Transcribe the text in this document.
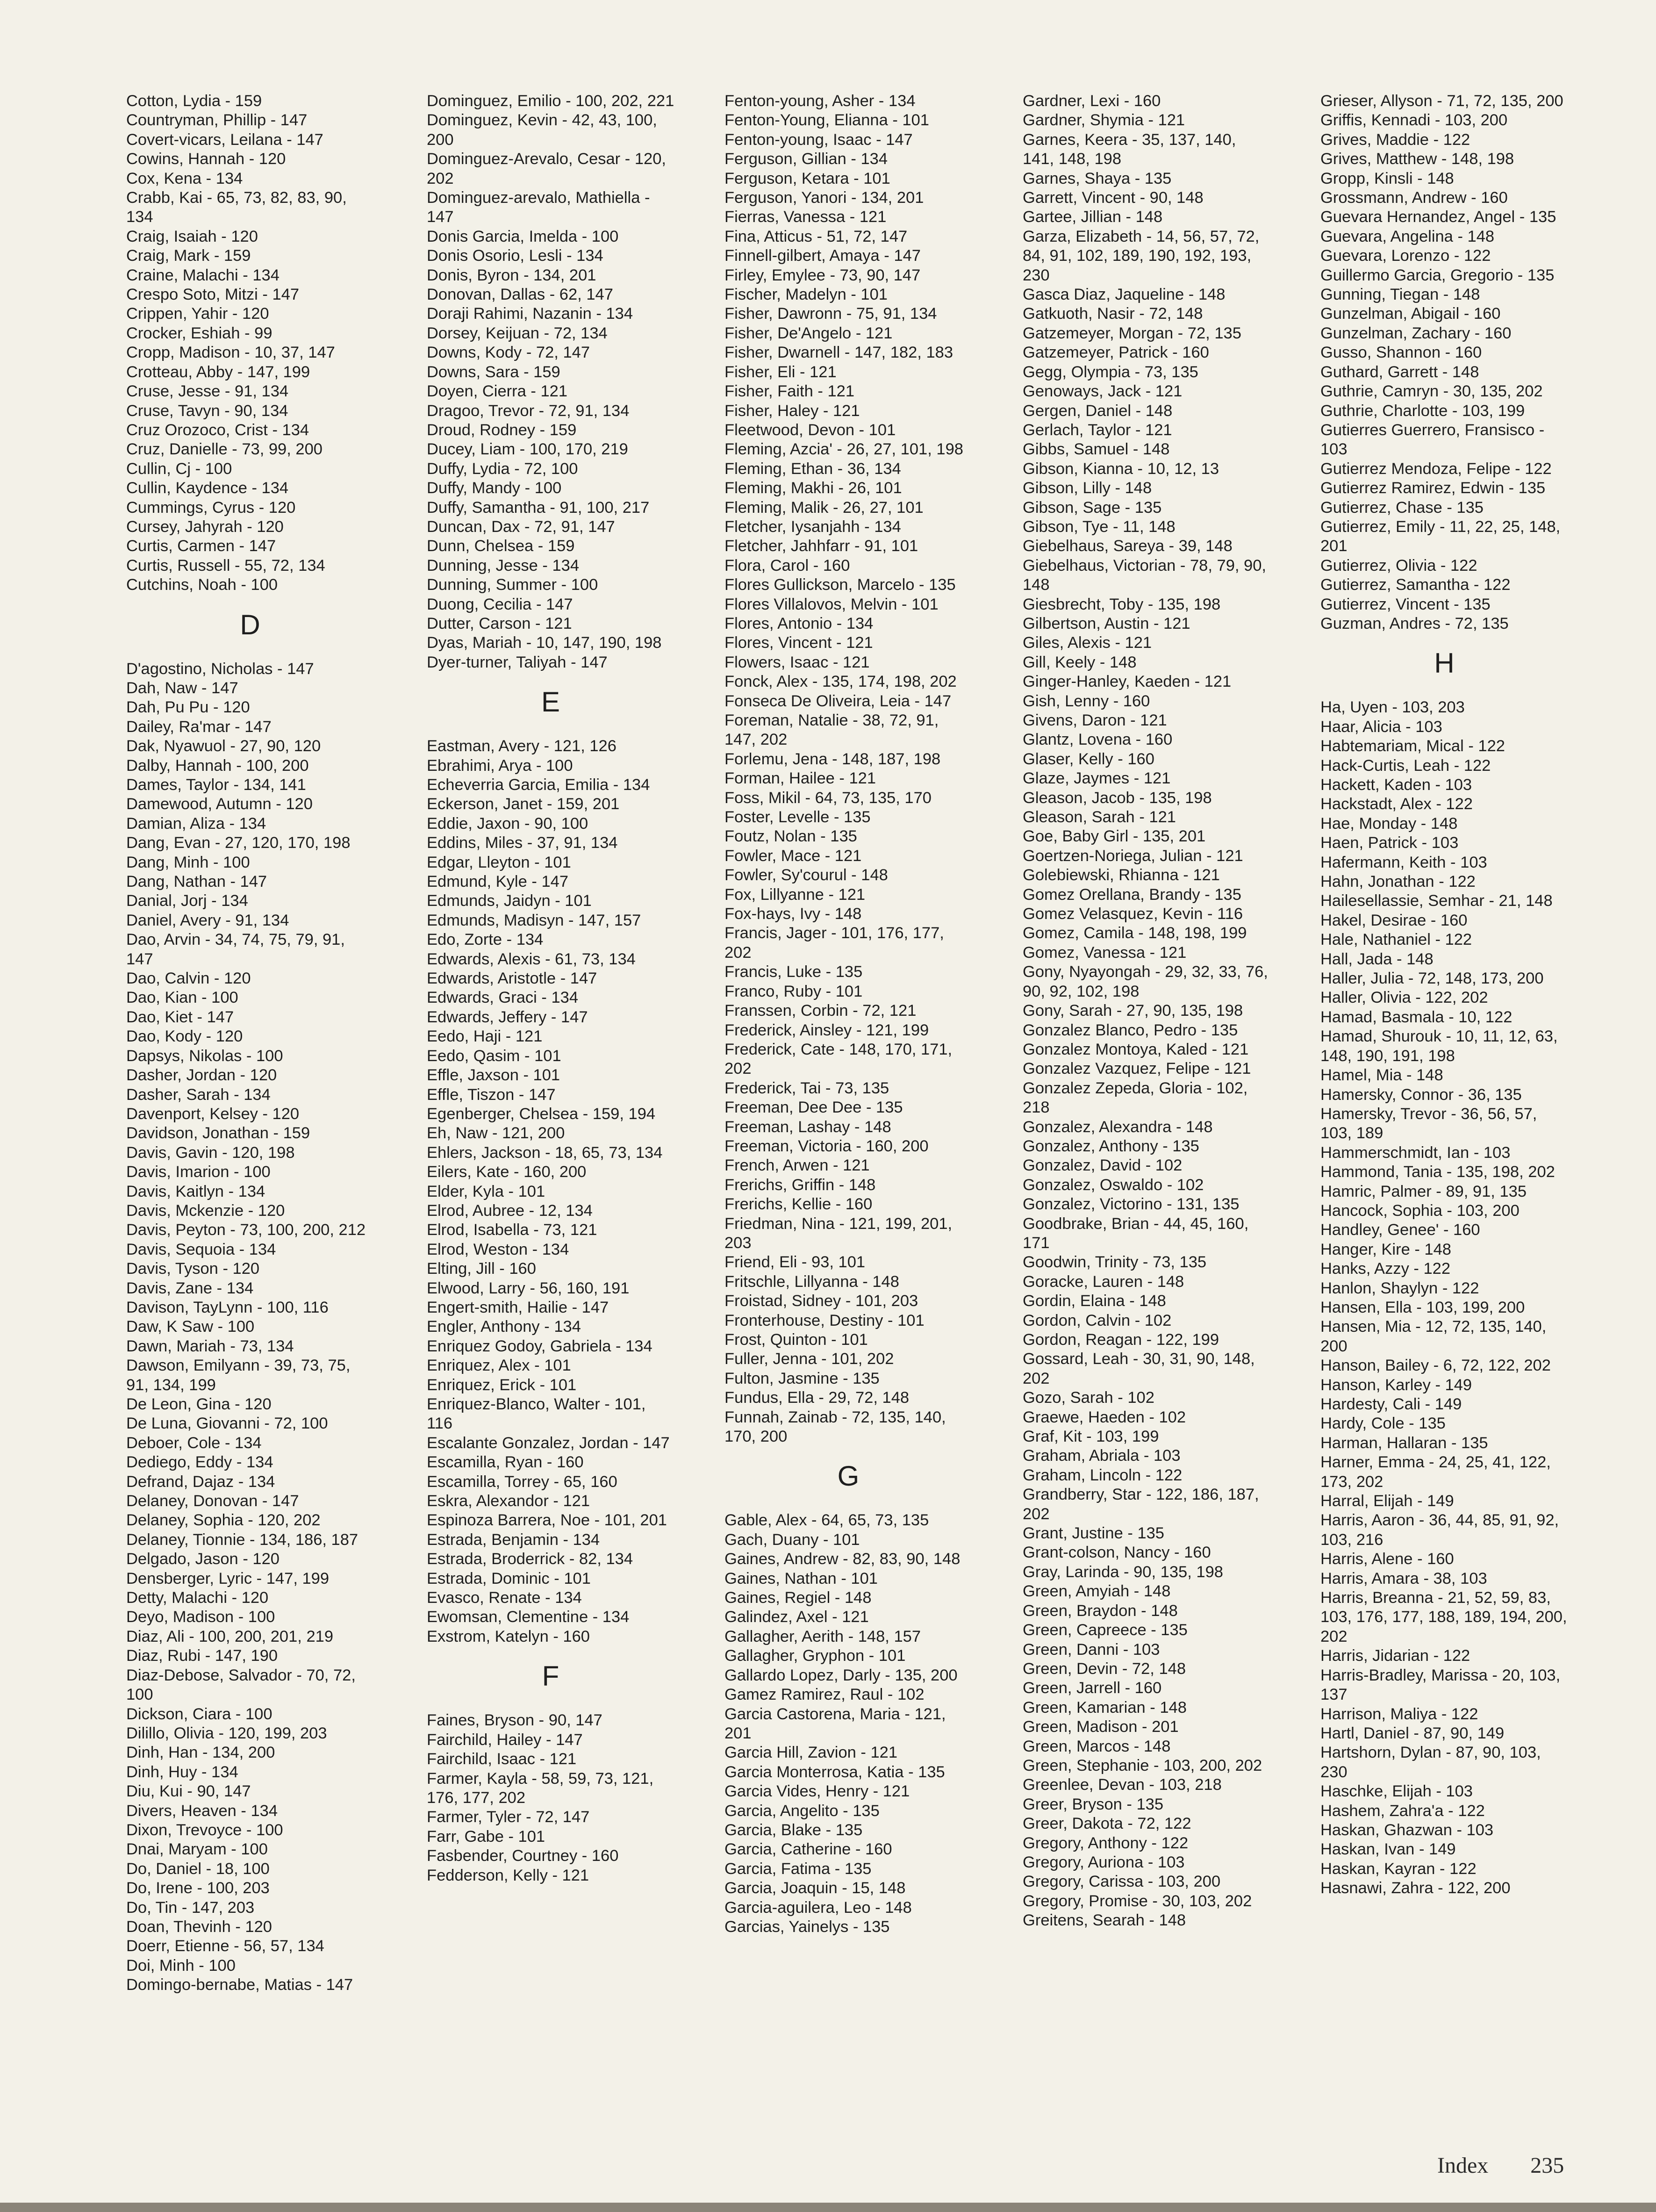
Cotton, Lydia - 159
Countryman, Phillip - 147
Covert-vicars, Leilana - 147
Cowins, Hannah - 120
Cox, Kena - 134
Crabb, Kai - 65, 73, 82, 83, 90, 134
Craig, Isaiah - 120
Craig, Mark - 159
Craine, Malachi - 134
Crespo Soto, Mitzi - 147
Crippen, Yahir - 120
Crocker, Eshiah - 99
Cropp, Madison - 10, 37, 147
Crotteau, Abby - 147, 199
Cruse, Jesse - 91, 134
Cruse, Tavyn - 90, 134
Cruz Orozoco, Crist - 134
Cruz, Danielle - 73, 99, 200
Cullin, Cj - 100
Cullin, Kaydence - 134
Cummings, Cyrus - 120
Cursey, Jahyrah - 120
Curtis, Carmen - 147
Curtis, Russell - 55, 72, 134
Cutchins, Noah - 100
D
D'agostino, Nicholas - 147
Dah, Naw - 147
Dah, Pu Pu - 120
Dailey, Ra'mar - 147
Dak, Nyawuol - 27, 90, 120
Dalby, Hannah - 100, 200
Dames, Taylor - 134, 141
Damewood, Autumn - 120
Damian, Aliza - 134
Dang, Evan - 27, 120, 170, 198
Dang, Minh - 100
Dang, Nathan - 147
Danial, Jorj - 134
Daniel, Avery - 91, 134
Dao, Arvin - 34, 74, 75, 79, 91, 147
Dao, Calvin - 120
Dao, Kian - 100
Dao, Kiet - 147
Dao, Kody - 120
Dapsys, Nikolas - 100
Dasher, Jordan - 120
Dasher, Sarah - 134
Davenport, Kelsey - 120
Davidson, Jonathan - 159
Davis, Gavin - 120, 198
Davis, Imarion - 100
Davis, Kaitlyn - 134
Davis, Mckenzie - 120
Davis, Peyton - 73, 100, 200, 212
Davis, Sequoia - 134
Davis, Tyson - 120
Davis, Zane - 134
Davison, TayLynn - 100, 116
Daw, K Saw - 100
Dawn, Mariah - 73, 134
Dawson, Emilyann - 39, 73, 75, 91, 134, 199
De Leon, Gina - 120
De Luna, Giovanni - 72, 100
Deboer, Cole - 134
Dediego, Eddy - 134
Defrand, Dajaz - 134
Delaney, Donovan - 147
Delaney, Sophia - 120, 202
Delaney, Tionnie - 134, 186, 187
Delgado, Jason - 120
Densberger, Lyric - 147, 199
Detty, Malachi - 120
Deyo, Madison - 100
Diaz, Ali - 100, 200, 201, 219
Diaz, Rubi - 147, 190
Diaz-Debose, Salvador - 70, 72, 100
Dickson, Ciara - 100
Dilillo, Olivia - 120, 199, 203
Dinh, Han - 134, 200
Dinh, Huy - 134
Diu, Kui - 90, 147
Divers, Heaven - 134
Dixon, Trevoyce - 100
Dnai, Maryam - 100
Do, Daniel - 18, 100
Do, Irene - 100, 203
Do, Tin - 147, 203
Doan, Thevinh - 120
Doerr, Etienne - 56, 57, 134
Doi, Minh - 100
Domingo-bernabe, Matias - 147
Dominguez, Emilio - 100, 202, 221
Dominguez, Kevin - 42, 43, 100, 200
Dominguez-Arevalo, Cesar - 120, 202
Dominguez-arevalo, Mathiella - 147
Donis Garcia, Imelda - 100
Donis Osorio, Lesli - 134
Donis, Byron - 134, 201
Donovan, Dallas - 62, 147
Doraji Rahimi, Nazanin - 134
Dorsey, Keijuan - 72, 134
Downs, Kody - 72, 147
Downs, Sara - 159
Doyen, Cierra - 121
Dragoo, Trevor - 72, 91, 134
Droud, Rodney - 159
Ducey, Liam - 100, 170, 219
Duffy, Lydia - 72, 100
Duffy, Mandy - 100
Duffy, Samantha - 91, 100, 217
Duncan, Dax - 72, 91, 147
Dunn, Chelsea - 159
Dunning, Jesse - 134
Dunning, Summer - 100
Duong, Cecilia - 147
Dutter, Carson - 121
Dyas, Mariah - 10, 147, 190, 198
Dyer-turner, Taliyah - 147
E
Eastman, Avery - 121, 126
Ebrahimi, Arya - 100
Echeverria Garcia, Emilia - 134
Eckerson, Janet - 159, 201
Eddie, Jaxon - 90, 100
Eddins, Miles - 37, 91, 134
Edgar, Lleyton - 101
Edmund, Kyle - 147
Edmunds, Jaidyn - 101
Edmunds, Madisyn - 147, 157
Edo, Zorte - 134
Edwards, Alexis - 61, 73, 134
Edwards, Aristotle - 147
Edwards, Graci - 134
Edwards, Jeffery - 147
Eedo, Haji - 121
Eedo, Qasim - 101
Effle, Jaxson - 101
Effle, Tiszon - 147
Egenberger, Chelsea - 159, 194
Eh, Naw - 121, 200
Ehlers, Jackson - 18, 65, 73, 134
Eilers, Kate - 160, 200
Elder, Kyla - 101
Elrod, Aubree - 12, 134
Elrod, Isabella - 73, 121
Elrod, Weston - 134
Elting, Jill - 160
Elwood, Larry - 56, 160, 191
Engert-smith, Hailie - 147
Engler, Anthony - 134
Enriquez Godoy, Gabriela - 134
Enriquez, Alex - 101
Enriquez, Erick - 101
Enriquez-Blanco, Walter - 101, 116
Escalante Gonzalez, Jordan - 147
Escamilla, Ryan - 160
Escamilla, Torrey - 65, 160
Eskra, Alexandor - 121
Espinoza Barrera, Noe - 101, 201
Estrada, Benjamin - 134
Estrada, Broderrick - 82, 134
Estrada, Dominic - 101
Evasco, Renate - 134
Ewomsan, Clementine - 134
Exstrom, Katelyn - 160
F
Faines, Bryson - 90, 147
Fairchild, Hailey - 147
Fairchild, Isaac - 121
Farmer, Kayla - 58, 59, 73, 121, 176, 177, 202
Farmer, Tyler - 72, 147
Farr, Gabe - 101
Fasbender, Courtney - 160
Fedderson, Kelly - 121
Fenton-young, Asher - 134
Fenton-Young, Elianna - 101
Fenton-young, Isaac - 147
Ferguson, Gillian - 134
Ferguson, Ketara - 101
Ferguson, Yanori - 134, 201
Fierras, Vanessa - 121
Fina, Atticus - 51, 72, 147
Finnell-gilbert, Amaya - 147
Firley, Emylee - 73, 90, 147
Fischer, Madelyn - 101
Fisher, Dawronn - 75, 91, 134
Fisher, De'Angelo - 121
Fisher, Dwarnell - 147, 182, 183
Fisher, Eli - 121
Fisher, Faith - 121
Fisher, Haley - 121
Fleetwood, Devon - 101
Fleming, Azcia' - 26, 27, 101, 198
Fleming, Ethan - 36, 134
Fleming, Makhi - 26, 101
Fleming, Malik - 26, 27, 101
Fletcher, Iysanjahh - 134
Fletcher, Jahhfarr - 91, 101
Flora, Carol - 160
Flores Gullickson, Marcelo - 135
Flores Villalovos, Melvin - 101
Flores, Antonio - 134
Flores, Vincent - 121
Flowers, Isaac - 121
Fonck, Alex - 135, 174, 198, 202
Fonseca De Oliveira, Leia - 147
Foreman, Natalie - 38, 72, 91, 147, 202
Forlemu, Jena - 148, 187, 198
Forman, Hailee - 121
Foss, Mikil - 64, 73, 135, 170
Foster, Levelle - 135
Foutz, Nolan - 135
Fowler, Mace - 121
Fowler, Sy'courul - 148
Fox, Lillyanne - 121
Fox-hays, Ivy - 148
Francis, Jager - 101, 176, 177, 202
Francis, Luke - 135
Franco, Ruby - 101
Franssen, Corbin - 72, 121
Frederick, Ainsley - 121, 199
Frederick, Cate - 148, 170, 171, 202
Frederick, Tai - 73, 135
Freeman, Dee Dee - 135
Freeman, Lashay - 148
Freeman, Victoria - 160, 200
French, Arwen - 121
Frerichs, Griffin - 148
Frerichs, Kellie - 160
Friedman, Nina - 121, 199, 201, 203
Friend, Eli - 93, 101
Fritschle, Lillyanna - 148
Froistad, Sidney - 101, 203
Fronterhouse, Destiny - 101
Frost, Quinton - 101
Fuller, Jenna - 101, 202
Fulton, Jasmine - 135
Fundus, Ella - 29, 72, 148
Funnah, Zainab - 72, 135, 140, 170, 200
G
Gable, Alex - 64, 65, 73, 135
Gach, Duany - 101
Gaines, Andrew - 82, 83, 90, 148
Gaines, Nathan - 101
Gaines, Regiel - 148
Galindez, Axel - 121
Gallagher, Aerith - 148, 157
Gallagher, Gryphon - 101
Gallardo Lopez, Darly - 135, 200
Gamez Ramirez, Raul - 102
Garcia Castorena, Maria - 121, 201
Garcia Hill, Zavion - 121
Garcia Monterrosa, Katia - 135
Garcia Vides, Henry - 121
Garcia, Angelito - 135
Garcia, Blake - 135
Garcia, Catherine - 160
Garcia, Fatima - 135
Garcia, Joaquin - 15, 148
Garcia-aguilera, Leo - 148
Garcias, Yainelys - 135
Gardner, Lexi - 160
Gardner, Shymia - 121
Garnes, Keera - 35, 137, 140, 141, 148, 198
Garnes, Shaya - 135
Garrett, Vincent - 90, 148
Gartee, Jillian - 148
Garza, Elizabeth - 14, 56, 57, 72, 84, 91, 102, 189, 190, 192, 193, 230
Gasca Diaz, Jaqueline - 148
Gatkuoth, Nasir - 72, 148
Gatzemeyer, Morgan - 72, 135
Gatzemeyer, Patrick - 160
Gegg, Olympia - 73, 135
Genoways, Jack - 121
Gergen, Daniel - 148
Gerlach, Taylor - 121
Gibbs, Samuel - 148
Gibson, Kianna - 10, 12, 13
Gibson, Lilly - 148
Gibson, Sage - 135
Gibson, Tye - 11, 148
Giebelhaus, Sareya - 39, 148
Giebelhaus, Victorian - 78, 79, 90, 148
Giesbrecht, Toby - 135, 198
Gilbertson, Austin - 121
Giles, Alexis - 121
Gill, Keely - 148
Ginger-Hanley, Kaeden - 121
Gish, Lenny - 160
Givens, Daron - 121
Glantz, Lovena - 160
Glaser, Kelly - 160
Glaze, Jaymes - 121
Gleason, Jacob - 135, 198
Gleason, Sarah - 121
Goe, Baby Girl - 135, 201
Goertzen-Noriega, Julian - 121
Golebiewski, Rhianna - 121
Gomez Orellana, Brandy - 135
Gomez Velasquez, Kevin - 116
Gomez, Camila - 148, 198, 199
Gomez, Vanessa - 121
Gony, Nyayongah - 29, 32, 33, 76, 90, 92, 102, 198
Gony, Sarah - 27, 90, 135, 198
Gonzalez Blanco, Pedro - 135
Gonzalez Montoya, Kaled - 121
Gonzalez Vazquez, Felipe - 121
Gonzalez Zepeda, Gloria - 102, 218
Gonzalez, Alexandra - 148
Gonzalez, Anthony - 135
Gonzalez, David - 102
Gonzalez, Oswaldo - 102
Gonzalez, Victorino - 131, 135
Goodbrake, Brian - 44, 45, 160, 171
Goodwin, Trinity - 73, 135
Goracke, Lauren - 148
Gordin, Elaina - 148
Gordon, Calvin - 102
Gordon, Reagan - 122, 199
Gossard, Leah - 30, 31, 90, 148, 202
Gozo, Sarah - 102
Graewe, Haeden - 102
Graf, Kit - 103, 199
Graham, Abriala - 103
Graham, Lincoln - 122
Grandberry, Star - 122, 186, 187, 202
Grant, Justine - 135
Grant-colson, Nancy - 160
Gray, Larinda - 90, 135, 198
Green, Amyiah - 148
Green, Braydon - 148
Green, Capreece - 135
Green, Danni - 103
Green, Devin - 72, 148
Green, Jarrell - 160
Green, Kamarian - 148
Green, Madison - 201
Green, Marcos - 148
Green, Stephanie - 103, 200, 202
Greenlee, Devan - 103, 218
Greer, Bryson - 135
Greer, Dakota - 72, 122
Gregory, Anthony - 122
Gregory, Auriona - 103
Gregory, Carissa - 103, 200
Gregory, Promise - 30, 103, 202
Greitens, Searah - 148
Grieser, Allyson - 71, 72, 135, 200
Griffis, Kennadi - 103, 200
Grives, Maddie - 122
Grives, Matthew - 148, 198
Gropp, Kinsli - 148
Grossmann, Andrew - 160
Guevara Hernandez, Angel - 135
Guevara, Angelina - 148
Guevara, Lorenzo - 122
Guillermo Garcia, Gregorio - 135
Gunning, Tiegan - 148
Gunzelman, Abigail - 160
Gunzelman, Zachary - 160
Gusso, Shannon - 160
Guthard, Garrett - 148
Guthrie, Camryn - 30, 135, 202
Guthrie, Charlotte - 103, 199
Gutierres Guerrero, Fransisco - 103
Gutierrez Mendoza, Felipe - 122
Gutierrez Ramirez, Edwin - 135
Gutierrez, Chase - 135
Gutierrez, Emily - 11, 22, 25, 148, 201
Gutierrez, Olivia - 122
Gutierrez, Samantha - 122
Gutierrez, Vincent - 135
Guzman, Andres - 72, 135
H
Ha, Uyen - 103, 203
Haar, Alicia - 103
Habtemariam, Mical - 122
Hack-Curtis, Leah - 122
Hackett, Kaden - 103
Hackstadt, Alex - 122
Hae, Monday - 148
Haen, Patrick - 103
Hafermann, Keith - 103
Hahn, Jonathan - 122
Hailesellassie, Semhar - 21, 148
Hakel, Desirae - 160
Hale, Nathaniel - 122
Hall, Jada - 148
Haller, Julia - 72, 148, 173, 200
Haller, Olivia - 122, 202
Hamad, Basmala - 10, 122
Hamad, Shurouk - 10, 11, 12, 63, 148, 190, 191, 198
Hamel, Mia - 148
Hamersky, Connor - 36, 135
Hamersky, Trevor - 36, 56, 57, 103, 189
Hammerschmidt, Ian - 103
Hammond, Tania - 135, 198, 202
Hamric, Palmer - 89, 91, 135
Hancock, Sophia - 103, 200
Handley, Genee' - 160
Hanger, Kire - 148
Hanks, Azzy - 122
Hanlon, Shaylyn - 122
Hansen, Ella - 103, 199, 200
Hansen, Mia - 12, 72, 135, 140, 200
Hanson, Bailey - 6, 72, 122, 202
Hanson, Karley - 149
Hardesty, Cali - 149
Hardy, Cole - 135
Harman, Hallaran - 135
Harner, Emma - 24, 25, 41, 122, 173, 202
Harral, Elijah - 149
Harris, Aaron - 36, 44, 85, 91, 92, 103, 216
Harris, Alene - 160
Harris, Amara - 38, 103
Harris, Breanna - 21, 52, 59, 83, 103, 176, 177, 188, 189, 194, 200, 202
Harris, Jidarian - 122
Harris-Bradley, Marissa - 20, 103, 137
Harrison, Maliya - 122
Hartl, Daniel - 87, 90, 149
Hartshorn, Dylan - 87, 90, 103, 230
Haschke, Elijah - 103
Hashem, Zahra'a - 122
Haskan, Ghazwan - 103
Haskan, Ivan - 149
Haskan, Kayran - 122
Hasnawi, Zahra - 122, 200
Index 235
